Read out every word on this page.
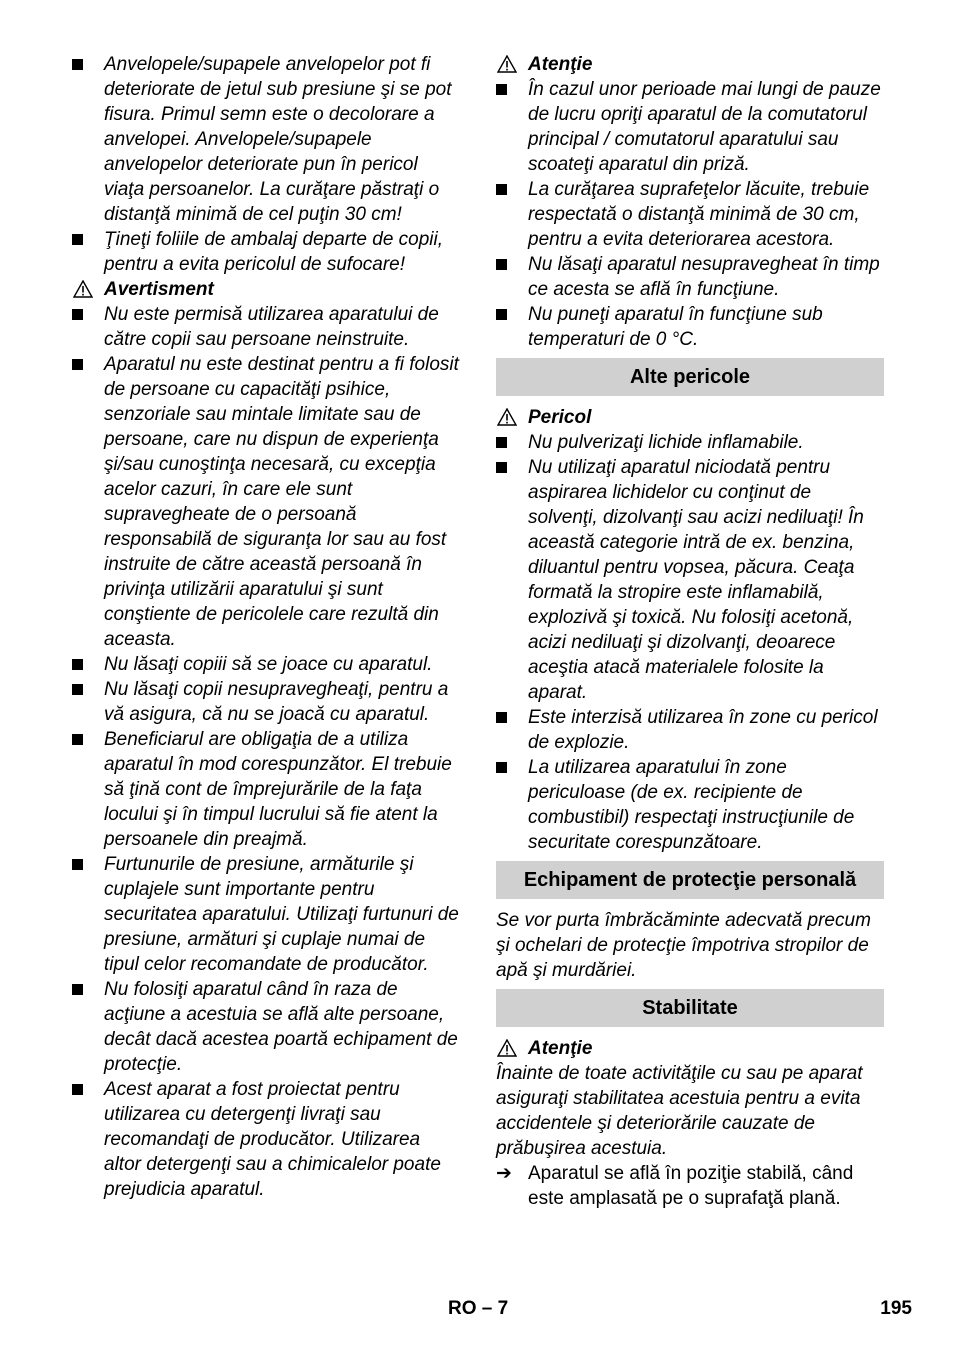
Anvelopele/supapele anvelopelor pot fi deteriorate de jetul sub presiune şi se pot fisura. Primul semn este o decolorare a anvelopei. Anvelopele/supapele anvelopelor deteriorate pun în pericol viaţa persoanelor. La curăţare păstraţi o distanţă minimă de cel puţin 30 cm!
Ţineţi foliile de ambalaj departe de copii, pentru a evita pericolul de sufocare!
Avertisment
Nu este permisă utilizarea aparatului de către copii sau persoane neinstruite.
Aparatul nu este destinat pentru a fi folosit de persoane cu capacităţi psihice, senzoriale sau mintale limitate sau de persoane, care nu dispun de experienţa şi/sau cunoştinţa necesară, cu excepţia acelor cazuri, în care ele sunt supravegheate de o persoană responsabilă de siguranţa lor sau au fost instruite de către această persoană în privinţa utilizării aparatului şi sunt conştiente de pericolele care rezultă din aceasta.
Nu lăsaţi copiii să se joace cu aparatul.
Nu lăsaţi copii nesupravegheaţi, pentru a vă asigura, că nu se joacă cu aparatul.
Beneficiarul are obligaţia de a utiliza aparatul în mod corespunzător. El trebuie să ţină cont de împrejurările de la faţa locului şi în timpul lucrului să fie atent la persoanele din preajmă.
Furtunurile de presiune, armăturile şi cuplajele sunt importante pentru securitatea aparatului. Utilizaţi furtunuri de presiune, armături şi cuplaje numai de tipul celor recomandate de producător.
Nu folosiţi aparatul când în raza de acţiune a acestuia se află alte persoane, decât dacă acestea poartă echipament de protecţie.
Acest aparat a fost proiectat pentru utilizarea cu detergenţi livraţi sau recomandaţi de producător. Utilizarea altor detergenţi sau a chimicalelor poate prejudicia aparatul.
Atenţie
În cazul unor perioade mai lungi de pauze de lucru opriţi aparatul de la comutatorul principal / comutatorul aparatului sau scoateţi aparatul din priză.
La curăţarea suprafeţelor lăcuite, trebuie respectată o distanţă minimă de 30 cm, pentru a evita deteriorarea acestora.
Nu lăsaţi aparatul nesupravegheat în timp ce acesta se află în funcţiune.
Nu puneţi aparatul în funcţiune sub temperaturi de 0 °C.
Alte pericole
Pericol
Nu pulverizaţi lichide inflamabile.
Nu utilizaţi aparatul niciodată pentru aspirarea lichidelor cu conţinut de solvenţi, dizolvanţi sau acizi nediluaţi! În această categorie intră de ex. benzina, diluantul pentru vopsea, păcura. Ceaţa formată la stropire este inflamabilă, explozivă şi toxică. Nu folosiţi acetonă, acizi nediluaţi şi dizolvanţi, deoarece aceştia atacă materialele folosite la aparat.
Este interzisă utilizarea în zone cu pericol de explozie.
La utilizarea aparatului în zone periculoase (de ex. recipiente de combustibil) respectaţi instrucţiunile de securitate corespunzătoare.
Echipament de protecţie personală
Se vor purta îmbrăcăminte adecvată precum şi ochelari de protecţie împotriva stropilor de apă şi murdăriei.
Stabilitate
Atenţie
Înainte de toate activităţile cu sau pe aparat asiguraţi stabilitatea acestuia pentru a evita accidentele şi deteriorările cauzate de prăbuşirea acestuia.
➔ Aparatul se află în poziţie stabilă, când este amplasată pe o suprafaţă plană.
RO – 7	195
